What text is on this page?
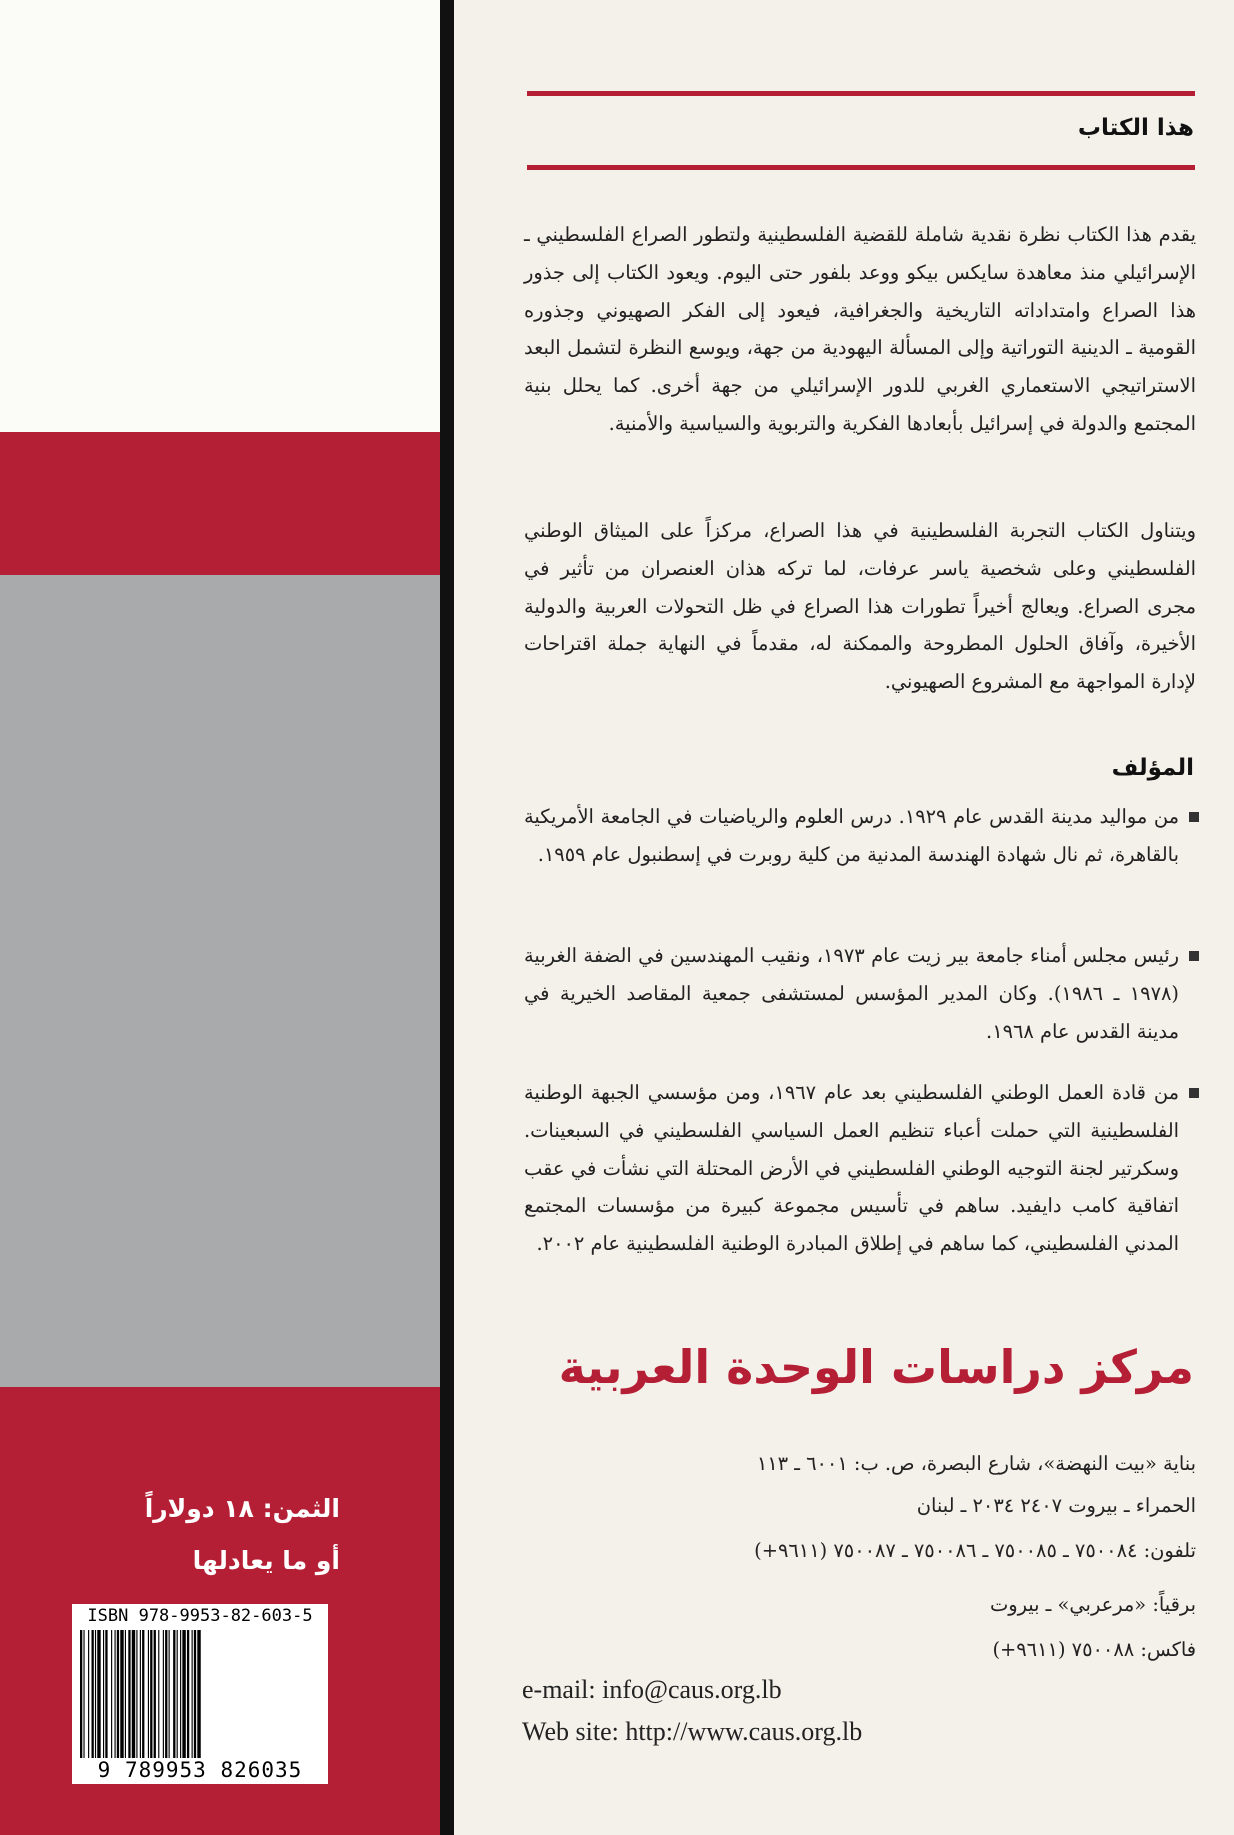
الثمن: ١٨ دولاراً
أو ما يعادلها
ISBN 978-9953-82-603-5
9 789953 826035
هذا الكتاب

يقدم هذا الكتاب نظرة نقدية شاملة للقضية الفلسطينية ولتطور الصراع الفلسطيني ـ الإسرائيلي منذ معاهدة سايكس بيكو ووعد بلفور حتى اليوم. ويعود الكتاب إلى جذور هذا الصراع وامتداداته التاريخية والجغرافية، فيعود إلى الفكر الصهيوني وجذوره القومية ـ الدينية التوراتية وإلى المسألة اليهودية من جهة، ويوسع النظرة لتشمل البعد الاستراتيجي الاستعماري الغربي للدور الإسرائيلي من جهة أخرى. كما يحلل بنية المجتمع والدولة في إسرائيل بأبعادها الفكرية والتربوية والسياسية والأمنية.

ويتناول الكتاب التجربة الفلسطينية في هذا الصراع، مركزاً على الميثاق الوطني الفلسطيني وعلى شخصية ياسر عرفات، لما تركه هذان العنصران من تأثير في مجرى الصراع. ويعالج أخيراً تطورات هذا الصراع في ظل التحولات العربية والدولية الأخيرة، وآفاق الحلول المطروحة والممكنة له، مقدماً في النهاية جملة اقتراحات لإدارة المواجهة مع المشروع الصهيوني.

المؤلف

من مواليد مدينة القدس عام ١٩٢٩. درس العلوم والرياضيات في الجامعة الأمريكية بالقاهرة، ثم نال شهادة الهندسة المدنية من كلية روبرت في إسطنبول عام ١٩٥٩.

رئيس مجلس أمناء جامعة بير زيت عام ١٩٧٣، ونقيب المهندسين في الضفة الغربية (١٩٧٨ ـ ١٩٨٦). وكان المدير المؤسس لمستشفى جمعية المقاصد الخيرية في مدينة القدس عام ١٩٦٨.

من قادة العمل الوطني الفلسطيني بعد عام ١٩٦٧، ومن مؤسسي الجبهة الوطنية الفلسطينية التي حملت أعباء تنظيم العمل السياسي الفلسطيني في السبعينات. وسكرتير لجنة التوجيه الوطني الفلسطيني في الأرض المحتلة التي نشأت في عقب اتفاقية كامب دايفيد. ساهم في تأسيس مجموعة كبيرة من مؤسسات المجتمع المدني الفلسطيني، كما ساهم في إطلاق المبادرة الوطنية الفلسطينية عام ٢٠٠٢.

مركز دراسات الوحدة العربية
بناية «بيت النهضة»، شارع البصرة، ص. ب: ٦٠٠١ ـ ١١٣
الحمراء ـ بيروت ٢٤٠٧ ٢٠٣٤ ـ لبنان
تلفون: ٧٥٠٠٨٤ ـ ٧٥٠٠٨٥ ـ ٧٥٠٠٨٦ ـ ٧٥٠٠٨٧ (٩٦١١+)
برقياً: «مرعربي» ـ بيروت
فاكس: ٧٥٠٠٨٨ (٩٦١١+)
e-mail: info@caus.org.lb
Web site: http://www.caus.org.lb
